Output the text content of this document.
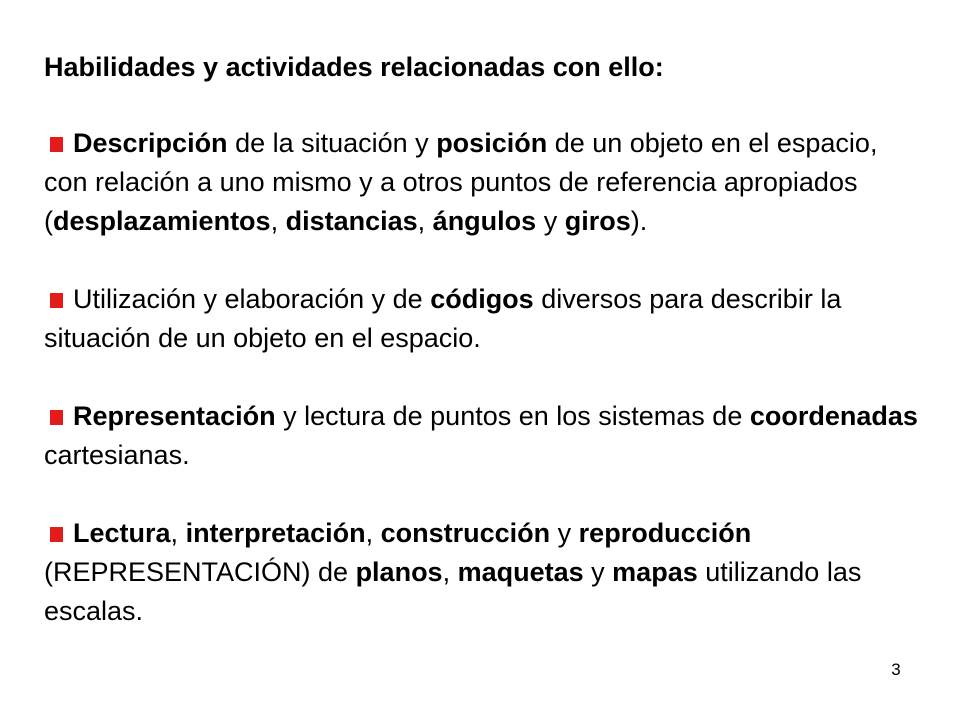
Habilidades y actividades relacionadas con ello:
Descripción de la situación y posición de un objeto en el espacio, con relación a uno mismo y a otros puntos de referencia apropiados (desplazamientos, distancias, ángulos y giros).
Utilización y elaboración y de códigos diversos para describir la situación de un objeto en el espacio.
Representación y lectura de puntos en los sistemas de coordenadas cartesianas.
Lectura, interpretación, construcción y reproducción (REPRESENTACIÓN) de planos, maquetas y mapas utilizando las escalas.
3
